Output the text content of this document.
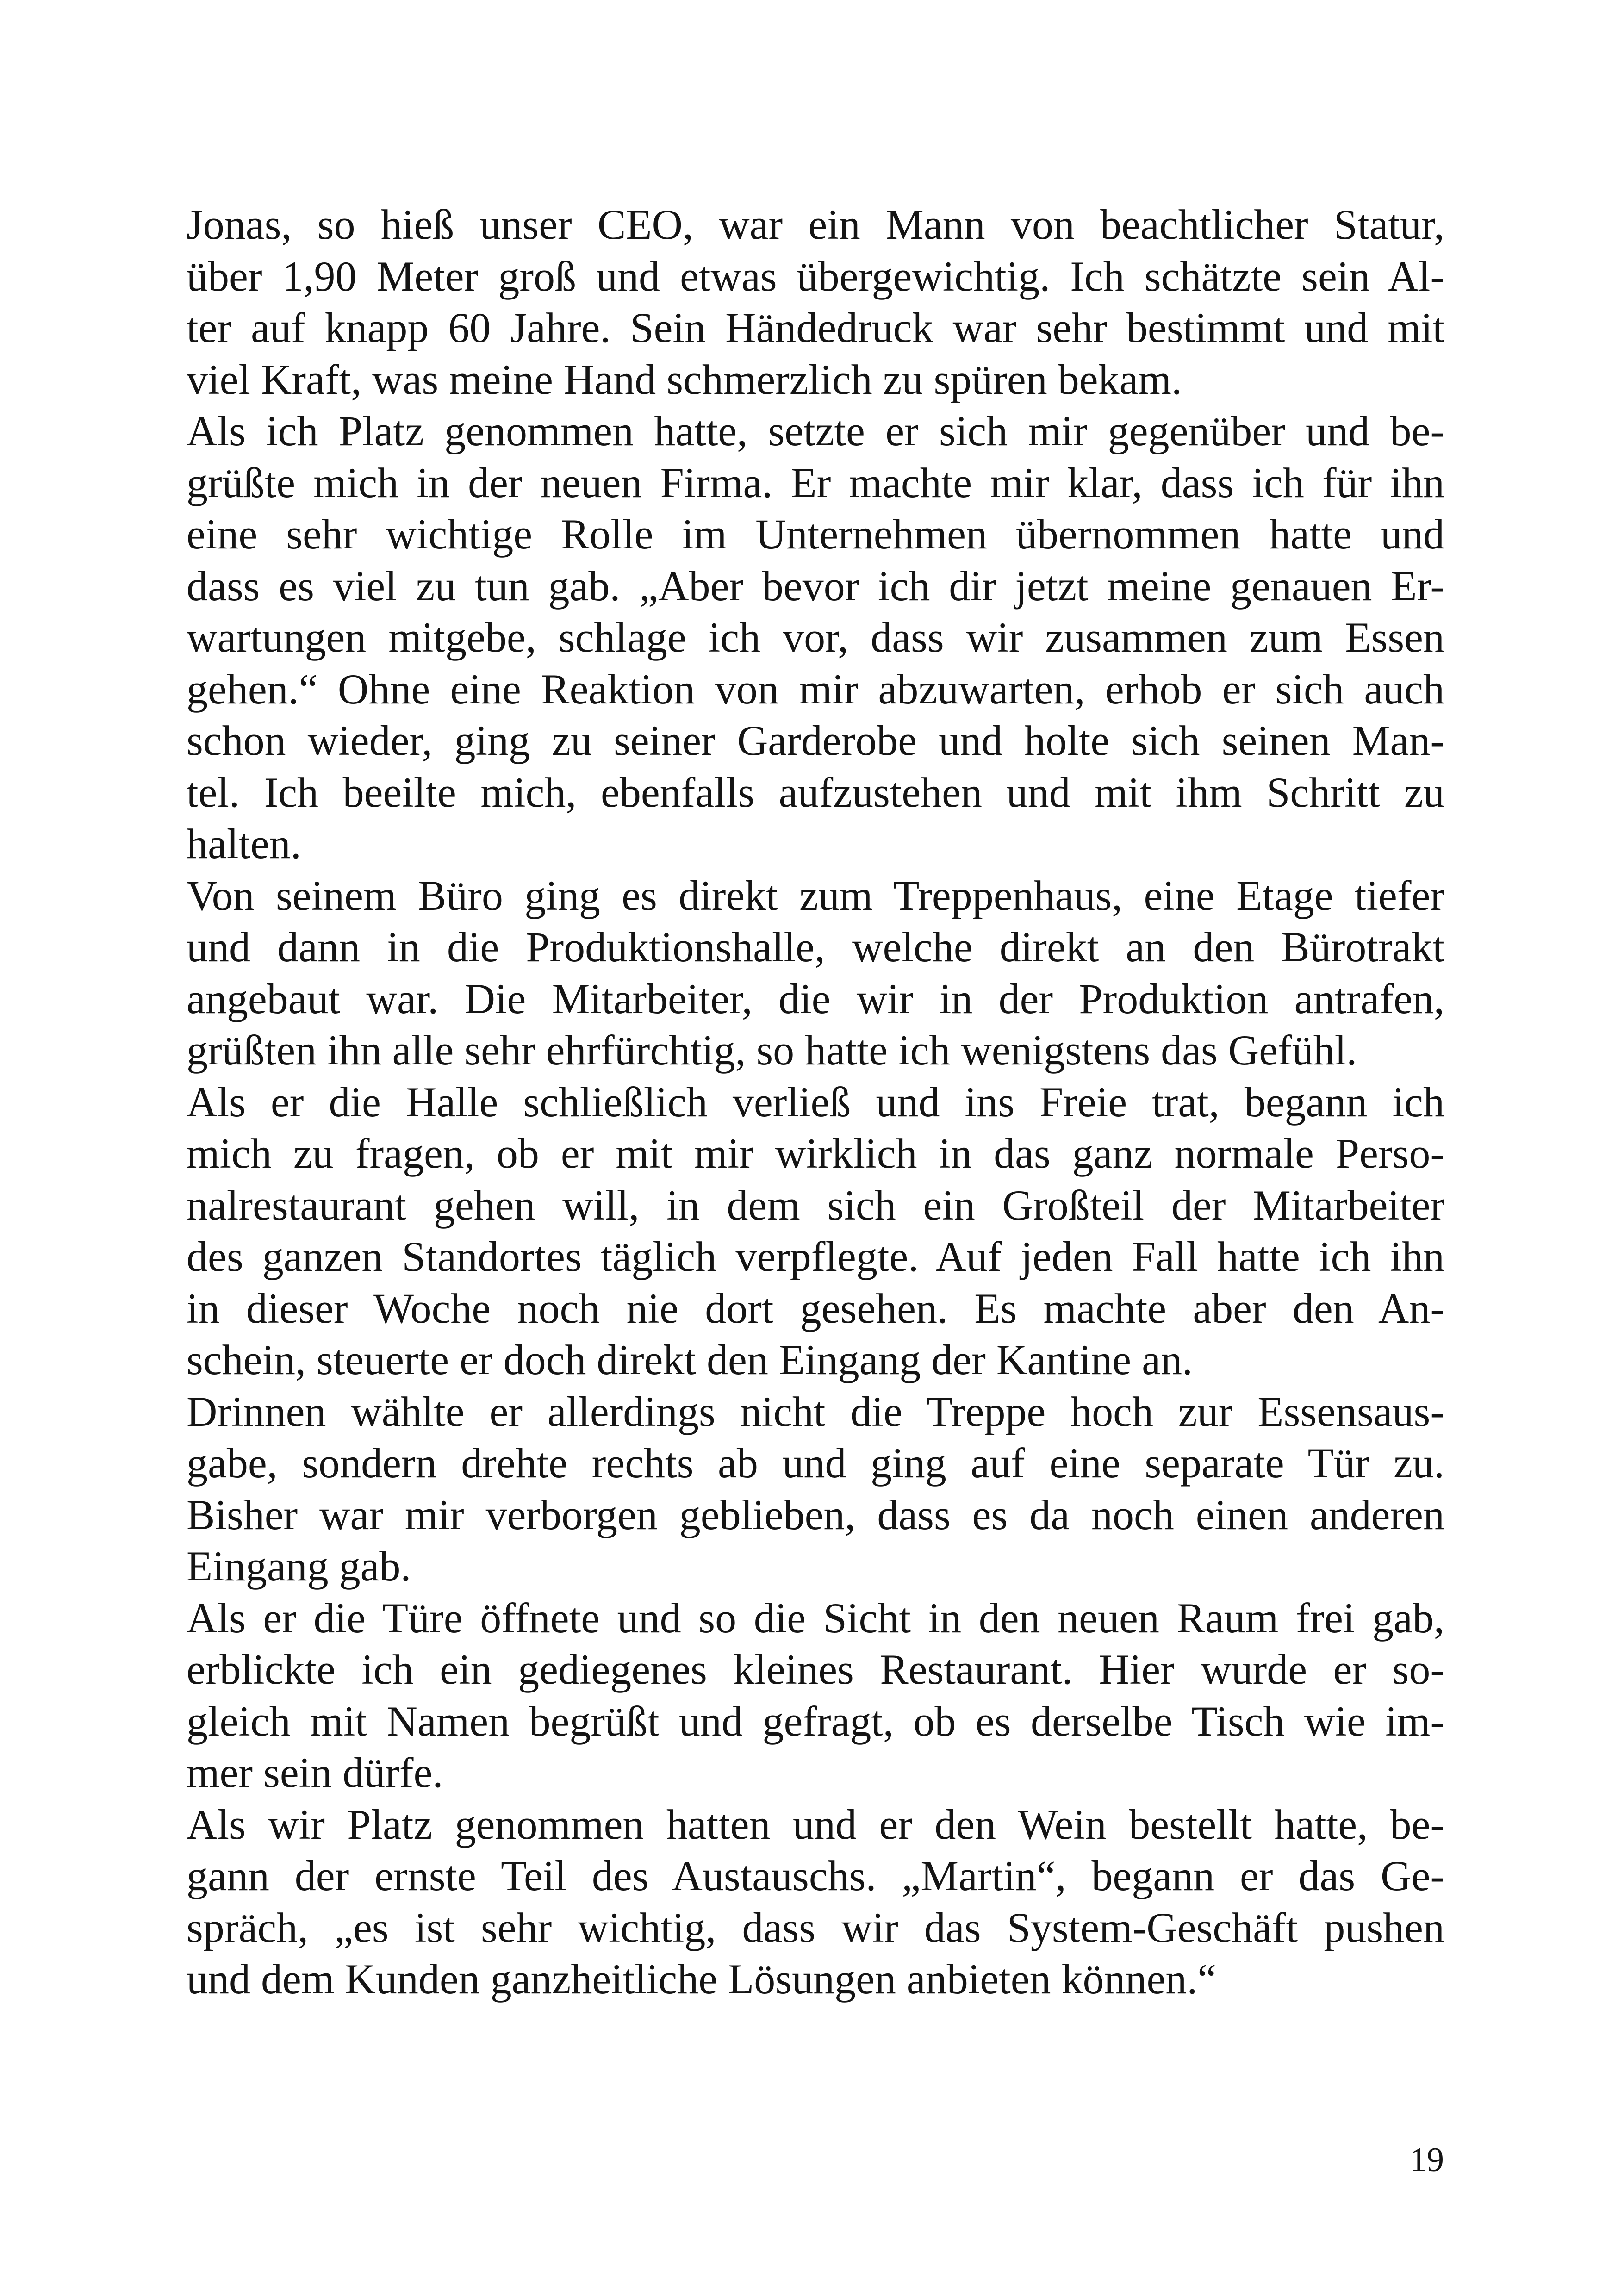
Jonas, so hieß unser CEO, war ein Mann von beachtlicher Statur,
über 1,90 Meter groß und etwas übergewichtig. Ich schätzte sein Al-
ter auf knapp 60 Jahre. Sein Händedruck war sehr bestimmt und mit
viel Kraft, was meine Hand schmerzlich zu spüren bekam.

Als ich Platz genommen hatte, setzte er sich mir gegenüber und be-
grüßte mich in der neuen Firma. Er machte mir klar, dass ich für ihn
eine sehr wichtige Rolle im Unternehmen übernommen hatte und
dass es viel zu tun gab. „Aber bevor ich dir jetzt meine genauen Er-
wartungen mitgebe, schlage ich vor, dass wir zusammen zum Essen
gehen.“ Ohne eine Reaktion von mir abzuwarten, erhob er sich auch
schon wieder, ging zu seiner Garderobe und holte sich seinen Man-
tel. Ich beeilte mich, ebenfalls aufzustehen und mit ihm Schritt zu
halten.

Von seinem Büro ging es direkt zum Treppenhaus, eine Etage tiefer
und dann in die Produktionshalle, welche direkt an den Bürotrakt
angebaut war. Die Mitarbeiter, die wir in der Produktion antrafen,
grüßten ihn alle sehr ehrfürchtig, so hatte ich wenigstens das Gefühl.

Als er die Halle schließlich verließ und ins Freie trat, begann ich
mich zu fragen, ob er mit mir wirklich in das ganz normale Perso-
nalrestaurant gehen will, in dem sich ein Großteil der Mitarbeiter
des ganzen Standortes täglich verpflegte. Auf jeden Fall hatte ich ihn
in dieser Woche noch nie dort gesehen. Es machte aber den An-
schein, steuerte er doch direkt den Eingang der Kantine an.

Drinnen wählte er allerdings nicht die Treppe hoch zur Essensaus-
gabe, sondern drehte rechts ab und ging auf eine separate Tür zu.
Bisher war mir verborgen geblieben, dass es da noch einen anderen
Eingang gab.

Als er die Türe öffnete und so die Sicht in den neuen Raum frei gab,
erblickte ich ein gediegenes kleines Restaurant. Hier wurde er so-
gleich mit Namen begrüßt und gefragt, ob es derselbe Tisch wie im-
mer sein dürfe.

Als wir Platz genommen hatten und er den Wein bestellt hatte, be-
gann der ernste Teil des Austauschs. „Martin“, begann er das Ge-
spräch, „es ist sehr wichtig, dass wir das System-Geschäft pushen
und dem Kunden ganzheitliche Lösungen anbieten können.“

19
